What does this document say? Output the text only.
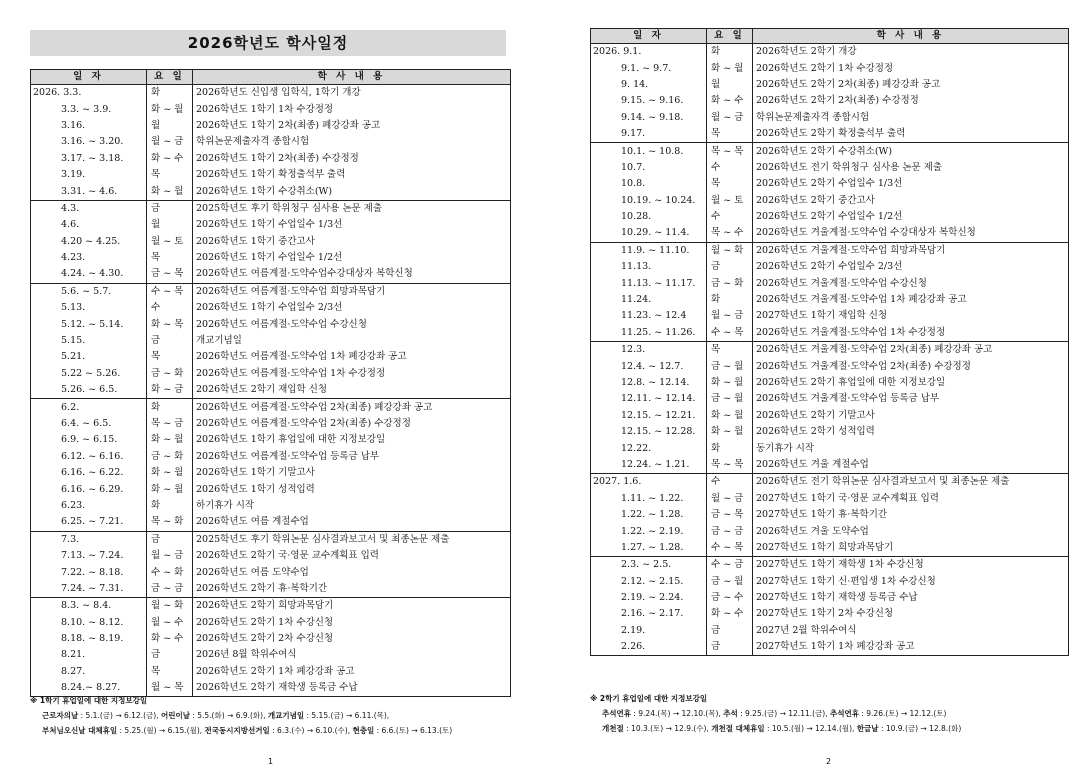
2026학년도 학사일정
일 자	요 일	학 사 내 용
2026. 3.3.	화	2026학년도 신입생 입학식, 1학기 개강
3.3. ~ 3.9.	화 ~ 월	2026학년도 1학기 1차 수강정정
3.16.	월	2026학년도 1학기 2차(최종) 폐강강좌 공고
3.16. ~ 3.20.	월 ~ 금	학위논문제출자격 종합시험
3.17. ~ 3.18.	화 ~ 수	2026학년도 1학기 2차(최종) 수강정정
3.19.	목	2026학년도 1학기 확정출석부 출력
3.31. ~ 4.6.	화 ~ 월	2026학년도 1학기 수강취소(W)
4.3.	금	2025학년도 후기 학위청구 심사용 논문 제출
4.6.	월	2026학년도 1학기 수업일수 1/3선
4.20 ~ 4.25.	월 ~ 토	2026학년도 1학기 중간고사
4.23.	목	2026학년도 1학기 수업일수 1/2선
4.24. ~ 4.30.	금 ~ 목	2026학년도 여름계절·도약수업수강대상자 복학신청
5.6. ~ 5.7.	수 ~ 목	2026학년도 여름계절·도약수업 희망과목담기
5.13.	수	2026학년도 1학기 수업일수 2/3선
5.12. ~ 5.14.	화 ~ 목	2026학년도 여름계절·도약수업 수강신청
5.15.	금	개교기념일
5.21.	목	2026학년도 여름계절·도약수업 1차 폐강강좌 공고
5.22 ~ 5.26.	금 ~ 화	2026학년도 여름계절·도약수업 1차 수강정정
5.26. ~ 6.5.	화 ~ 금	2026학년도 2학기 재입학 신청
6.2.	화	2026학년도 여름계절·도약수업 2차(최종) 폐강강좌 공고
6.4. ~ 6.5.	목 ~ 금	2026학년도 여름계절·도약수업 2차(최종) 수강정정
6.9. ~ 6.15.	화 ~ 월	2026학년도 1학기 휴업일에 대한 지정보강일
6.12. ~ 6.16.	금 ~ 화	2026학년도 여름계절·도약수업 등록금 납부
6.16. ~ 6.22.	화 ~ 월	2026학년도 1학기 기말고사
6.16. ~ 6.29.	화 ~ 월	2026학년도 1학기 성적입력
6.23.	화	하기휴가 시작
6.25. ~ 7.21.	목 ~ 화	2026학년도 여름 계절수업
7.3.	금	2025학년도 후기 학위논문 심사결과보고서 및 최종논문 제출
7.13. ~ 7.24.	월 ~ 금	2026학년도 2학기 국·영문 교수계획표 입력
7.22. ~ 8.18.	수 ~ 화	2026학년도 여름 도약수업
7.24. ~ 7.31.	금 ~ 금	2026학년도 2학기 휴·복학기간
8.3. ~ 8.4.	월 ~ 화	2026학년도 2학기 희망과목담기
8.10. ~ 8.12.	월 ~ 수	2026학년도 2학기 1차 수강신청
8.18. ~ 8.19.	화 ~ 수	2026학년도 2학기 2차 수강신청
8.21.	금	2026년 8월 학위수여식
8.27.	목	2026학년도 2학기 1차 폐강강좌 공고
8.24.~ 8.27.	월 ~ 목	2026학년도 2학기 재학생 등록금 수납
일 자	요 일	학 사 내 용
2026. 9.1.	화	2026학년도 2학기 개강
9.1. ~ 9.7.	화 ~ 월	2026학년도 2학기 1차 수강정정
9. 14.	월	2026학년도 2학기 2차(최종) 폐강강좌 공고
9.15. ~ 9.16.	화 ~ 수	2026학년도 2학기 2차(최종) 수강정정
9.14. ~ 9.18.	월 ~ 금	학위논문제출자격 종합시험
9.17.	목	2026학년도 2학기 확정출석부 출력
10.1. ~ 10.8.	목 ~ 목	2026학년도 2학기 수강취소(W)
10.7.	수	2026학년도 전기 학위청구 심사용 논문 제출
10.8.	목	2026학년도 2학기 수업일수 1/3선
10.19. ~ 10.24.	월 ~ 토	2026학년도 2학기 중간고사
10.28.	수	2026학년도 2학기 수업일수 1/2선
10.29. ~ 11.4.	목 ~ 수	2026학년도 겨울계절·도약수업 수강대상자 복학신청
11.9. ~ 11.10.	월 ~ 화	2026학년도 겨울계절·도약수업 희망과목담기
11.13.	금	2026학년도 2학기 수업일수 2/3선
11.13. ~ 11.17.	금 ~ 화	2026학년도 겨울계절·도약수업 수강신청
11.24.	화	2026학년도 겨울계절·도약수업 1차 폐강강좌 공고
11.23. ~ 12.4	월 ~ 금	2027학년도 1학기 재입학 신청
11.25. ~ 11.26.	수 ~ 목	2026학년도 겨울계절·도약수업 1차 수강정정
12.3.	목	2026학년도 겨울계절·도약수업 2차(최종) 폐강강좌 공고
12.4. ~ 12.7.	금 ~ 월	2026학년도 겨울계절·도약수업 2차(최종) 수강정정
12.8. ~ 12.14.	화 ~ 월	2026학년도 2학기 휴업일에 대한 지정보강일
12.11. ~ 12.14.	금 ~ 월	2026학년도 겨울계절·도약수업 등록금 납부
12.15. ~ 12.21.	화 ~ 월	2026학년도 2학기 기말고사
12.15. ~ 12.28.	화 ~ 월	2026학년도 2학기 성적입력
12.22.	화	동기휴가 시작
12.24. ~ 1.21.	목 ~ 목	2026학년도 겨울 계절수업
2027. 1.6.	수	2026학년도 전기 학위논문 심사결과보고서 및 최종논문 제출
1.11. ~ 1.22.	월 ~ 금	2027학년도 1학기 국·영문 교수계획표 입력
1.22. ~ 1.28.	금 ~ 목	2027학년도 1학기 휴·복학기간
1.22. ~ 2.19.	금 ~ 금	2026학년도 겨울 도약수업
1.27. ~ 1.28.	수 ~ 목	2027학년도 1학기 희망과목담기
2.3. ~ 2.5.	수 ~ 금	2027학년도 1학기 재학생 1차 수강신청
2.12. ~ 2.15.	금 ~ 월	2027학년도 1학기 신·편입생 1차 수강신청
2.19. ~ 2.24.	금 ~ 수	2027학년도 1학기 재학생 등록금 수납
2.16. ~ 2.17.	화 ~ 수	2027학년도 1학기 2차 수강신청
2.19.	금	2027년 2월 학위수여식
2.26.	금	2027학년도 1학기 1차 폐강강좌 공고
※ 1학기 휴업일에 대한 지정보강일
근로자의날 : 5.1.(금) → 6.12.(금), 어린이날 : 5.5.(화) → 6.9.(화), 개교기념일 : 5.15.(금) → 6.11.(목),
부처님오신날 대체휴일 : 5.25.(월) → 6.15.(월), 전국동시지방선거일 : 6.3.(수) → 6.10.(수), 현충일 : 6.6.(토) → 6.13.(토)
※ 2학기 휴업일에 대한 지정보강일
추석연휴 : 9.24.(목) → 12.10.(목), 추석 : 9.25.(금) → 12.11.(금), 추석연휴 : 9.26.(토) → 12.12.(토)
개천절 : 10.3.(토) → 12.9.(수), 개천절 대체휴일 : 10.5.(월) → 12.14.(월), 한글날 : 10.9.(금) → 12.8.(화)
1	2
